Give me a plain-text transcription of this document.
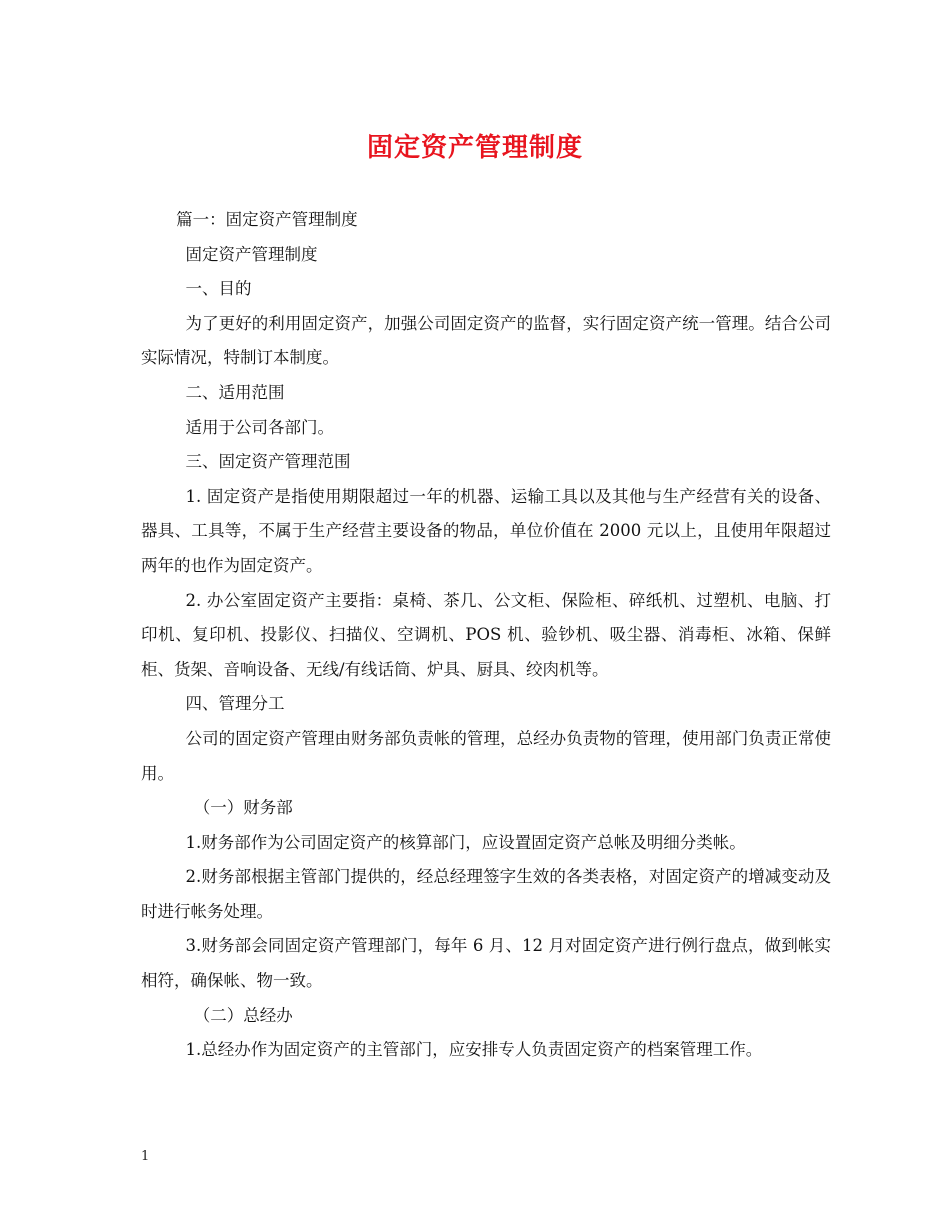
固定资产管理制度

篇一：固定资产管理制度

固定资产管理制度

一、目的

为了更好的利用固定资产，加强公司固定资产的监督，实行固定资产统一管理。结合公司实际情况，特制订本制度。

二、适用范围

适用于公司各部门。

三、固定资产管理范围

1. 固定资产是指使用期限超过一年的机器、运输工具以及其他与生产经营有关的设备、器具、工具等，不属于生产经营主要设备的物品，单位价值在 2000 元以上，且使用年限超过两年的也作为固定资产。

2. 办公室固定资产主要指：桌椅、茶几、公文柜、保险柜、碎纸机、过塑机、电脑、打印机、复印机、投影仪、扫描仪、空调机、POS 机、验钞机、吸尘器、消毒柜、冰箱、保鲜柜、货架、音响设备、无线/有线话筒、炉具、厨具、绞肉机等。

四、管理分工

公司的固定资产管理由财务部负责帐的管理，总经办负责物的管理，使用部门负责正常使用。

（一）财务部

1.财务部作为公司固定资产的核算部门，应设置固定资产总帐及明细分类帐。

2.财务部根据主管部门提供的，经总经理签字生效的各类表格，对固定资产的增减变动及时进行帐务处理。

3.财务部会同固定资产管理部门，每年 6 月、12 月对固定资产进行例行盘点，做到帐实相符，确保帐、物一致。

（二）总经办

1.总经办作为固定资产的主管部门，应安排专人负责固定资产的档案管理工作。

1
